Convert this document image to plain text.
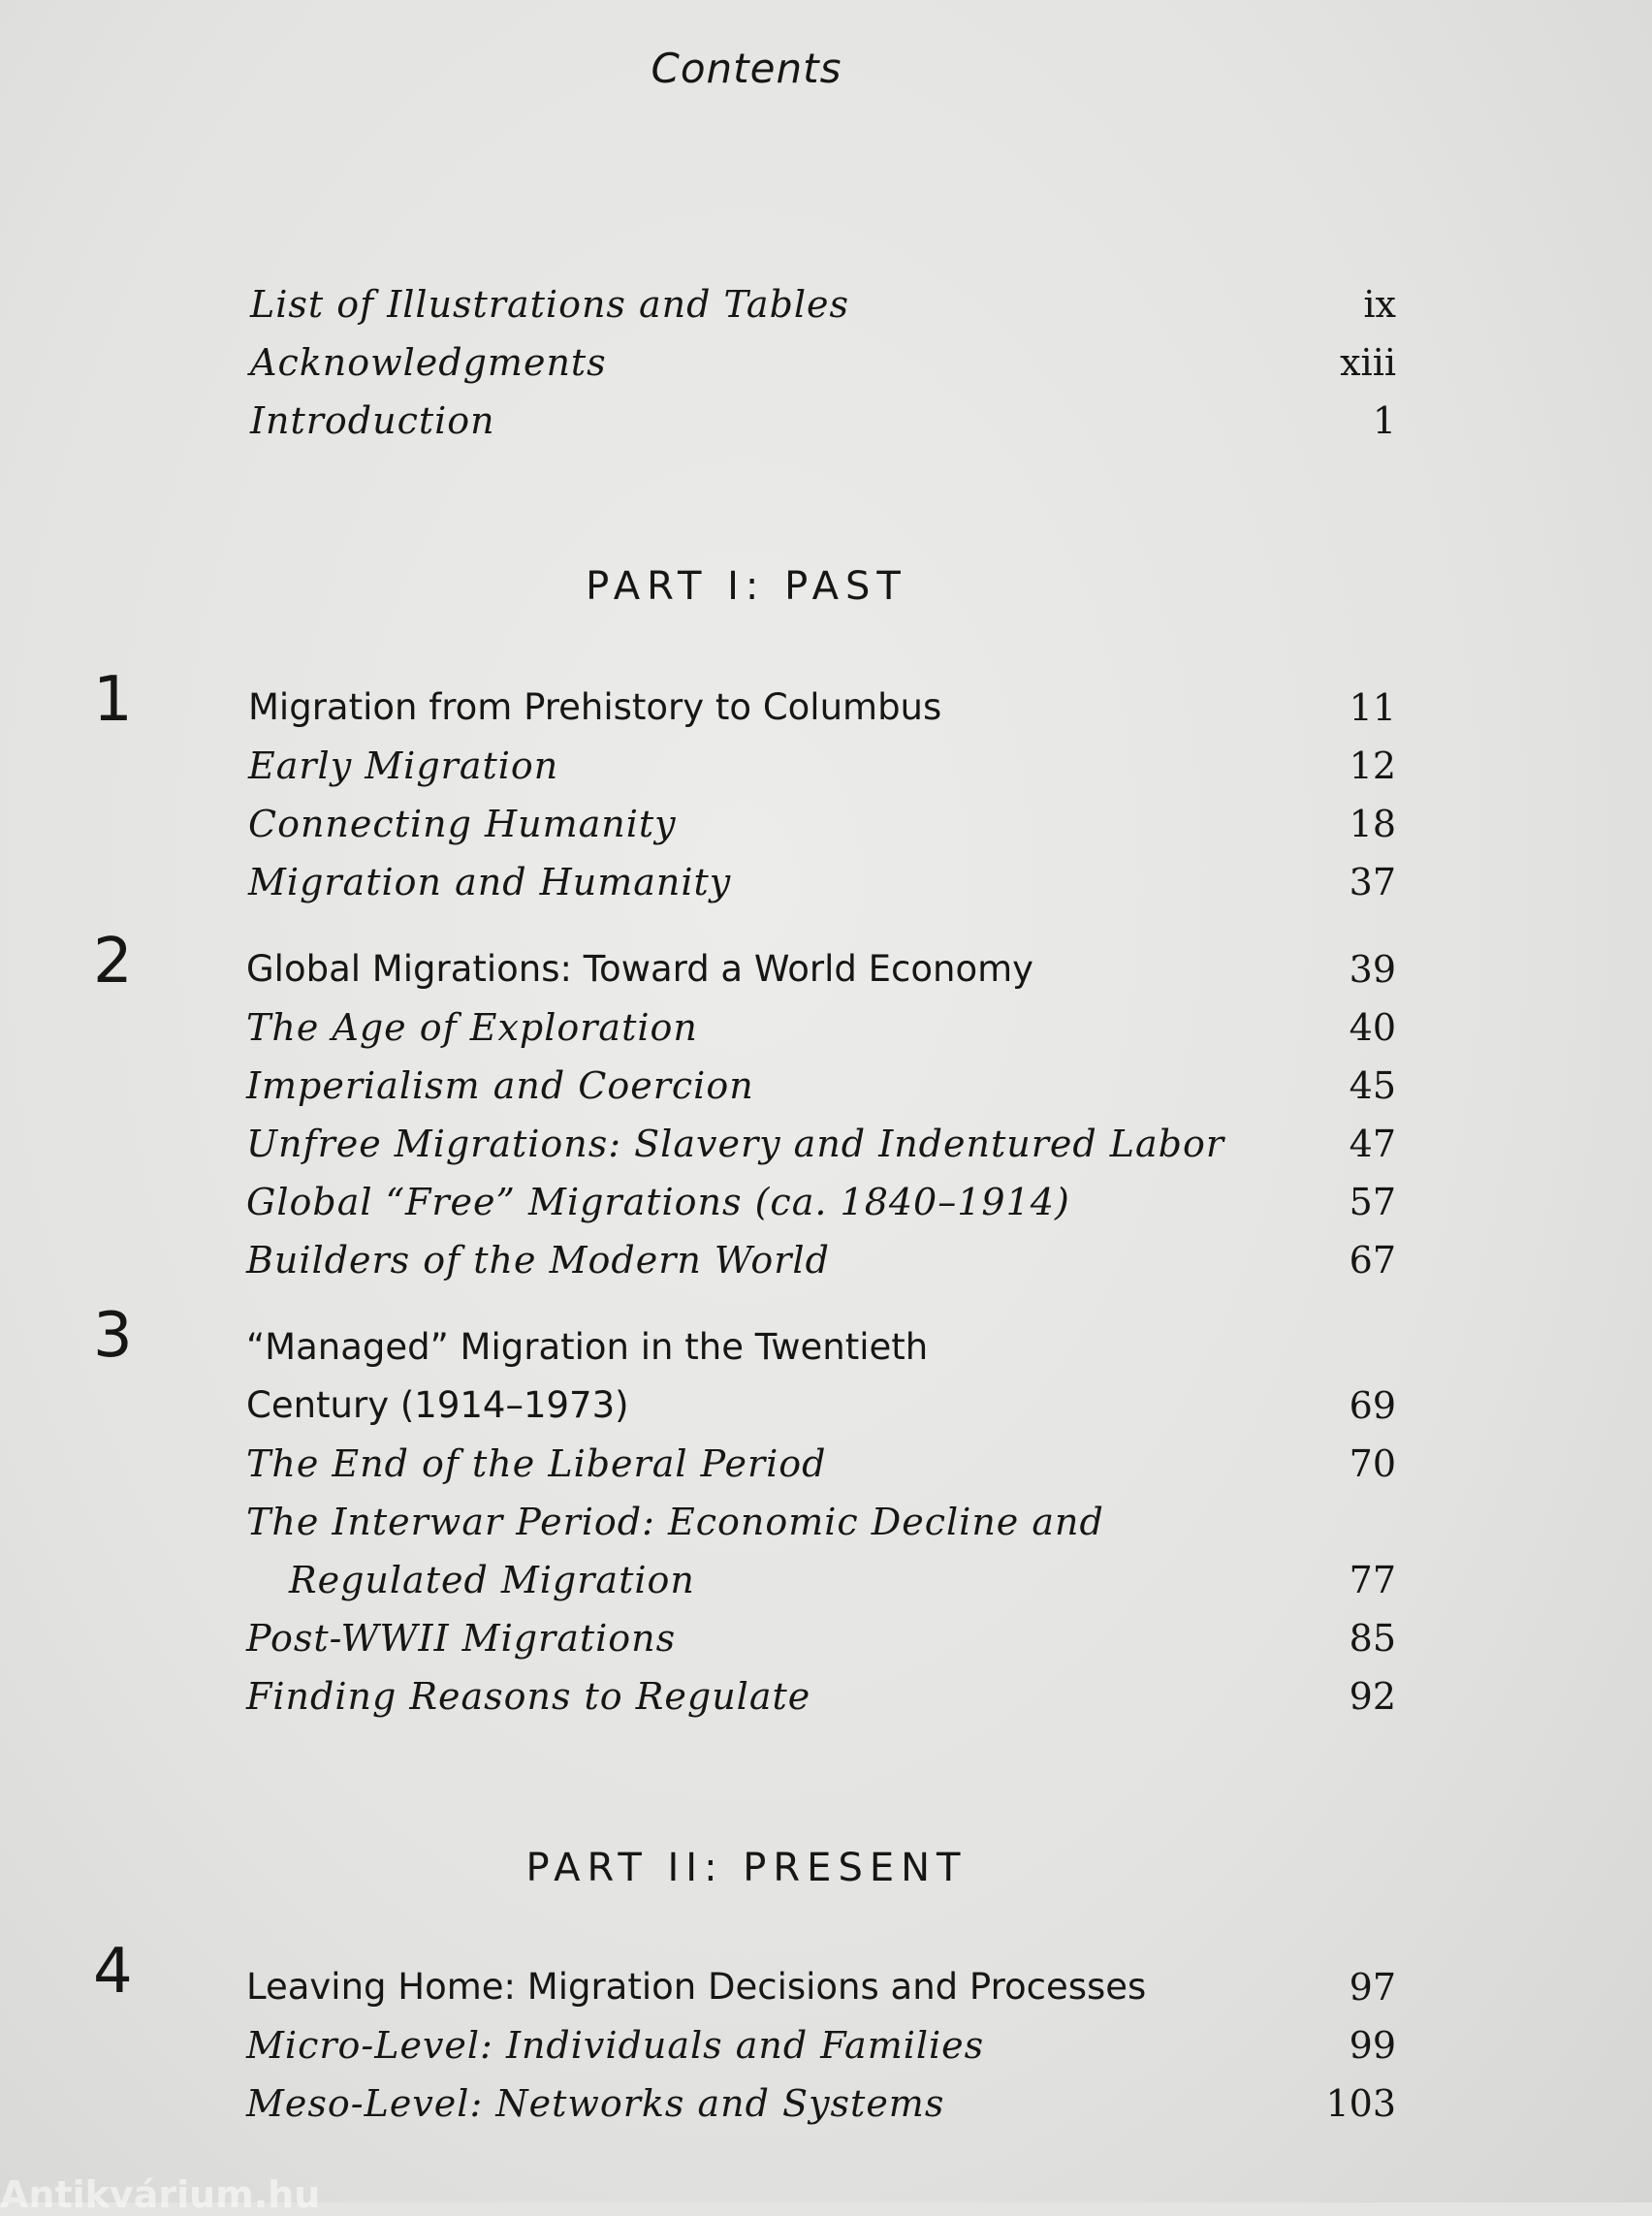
Contents
List of Illustrations and Tables	ix
Acknowledgments	xiii
Introduction	1
PART I: PAST
1	Migration from Prehistory to Columbus	11
Early Migration	12
Connecting Humanity	18
Migration and Humanity	37
2	Global Migrations: Toward a World Economy	39
The Age of Exploration	40
Imperialism and Coercion	45
Unfree Migrations: Slavery and Indentured Labor	47
Global “Free” Migrations (ca. 1840–1914)	57
Builders of the Modern World	67
3	“Managed” Migration in the Twentieth
Century (1914–1973)	69
The End of the Liberal Period	70
The Interwar Period: Economic Decline and
Regulated Migration	77
Post-WWII Migrations	85
Finding Reasons to Regulate	92
PART II: PRESENT
4	Leaving Home: Migration Decisions and Processes	97
Micro-Level: Individuals and Families	99
Meso-Level: Networks and Systems	103
Antikvárium.hu
